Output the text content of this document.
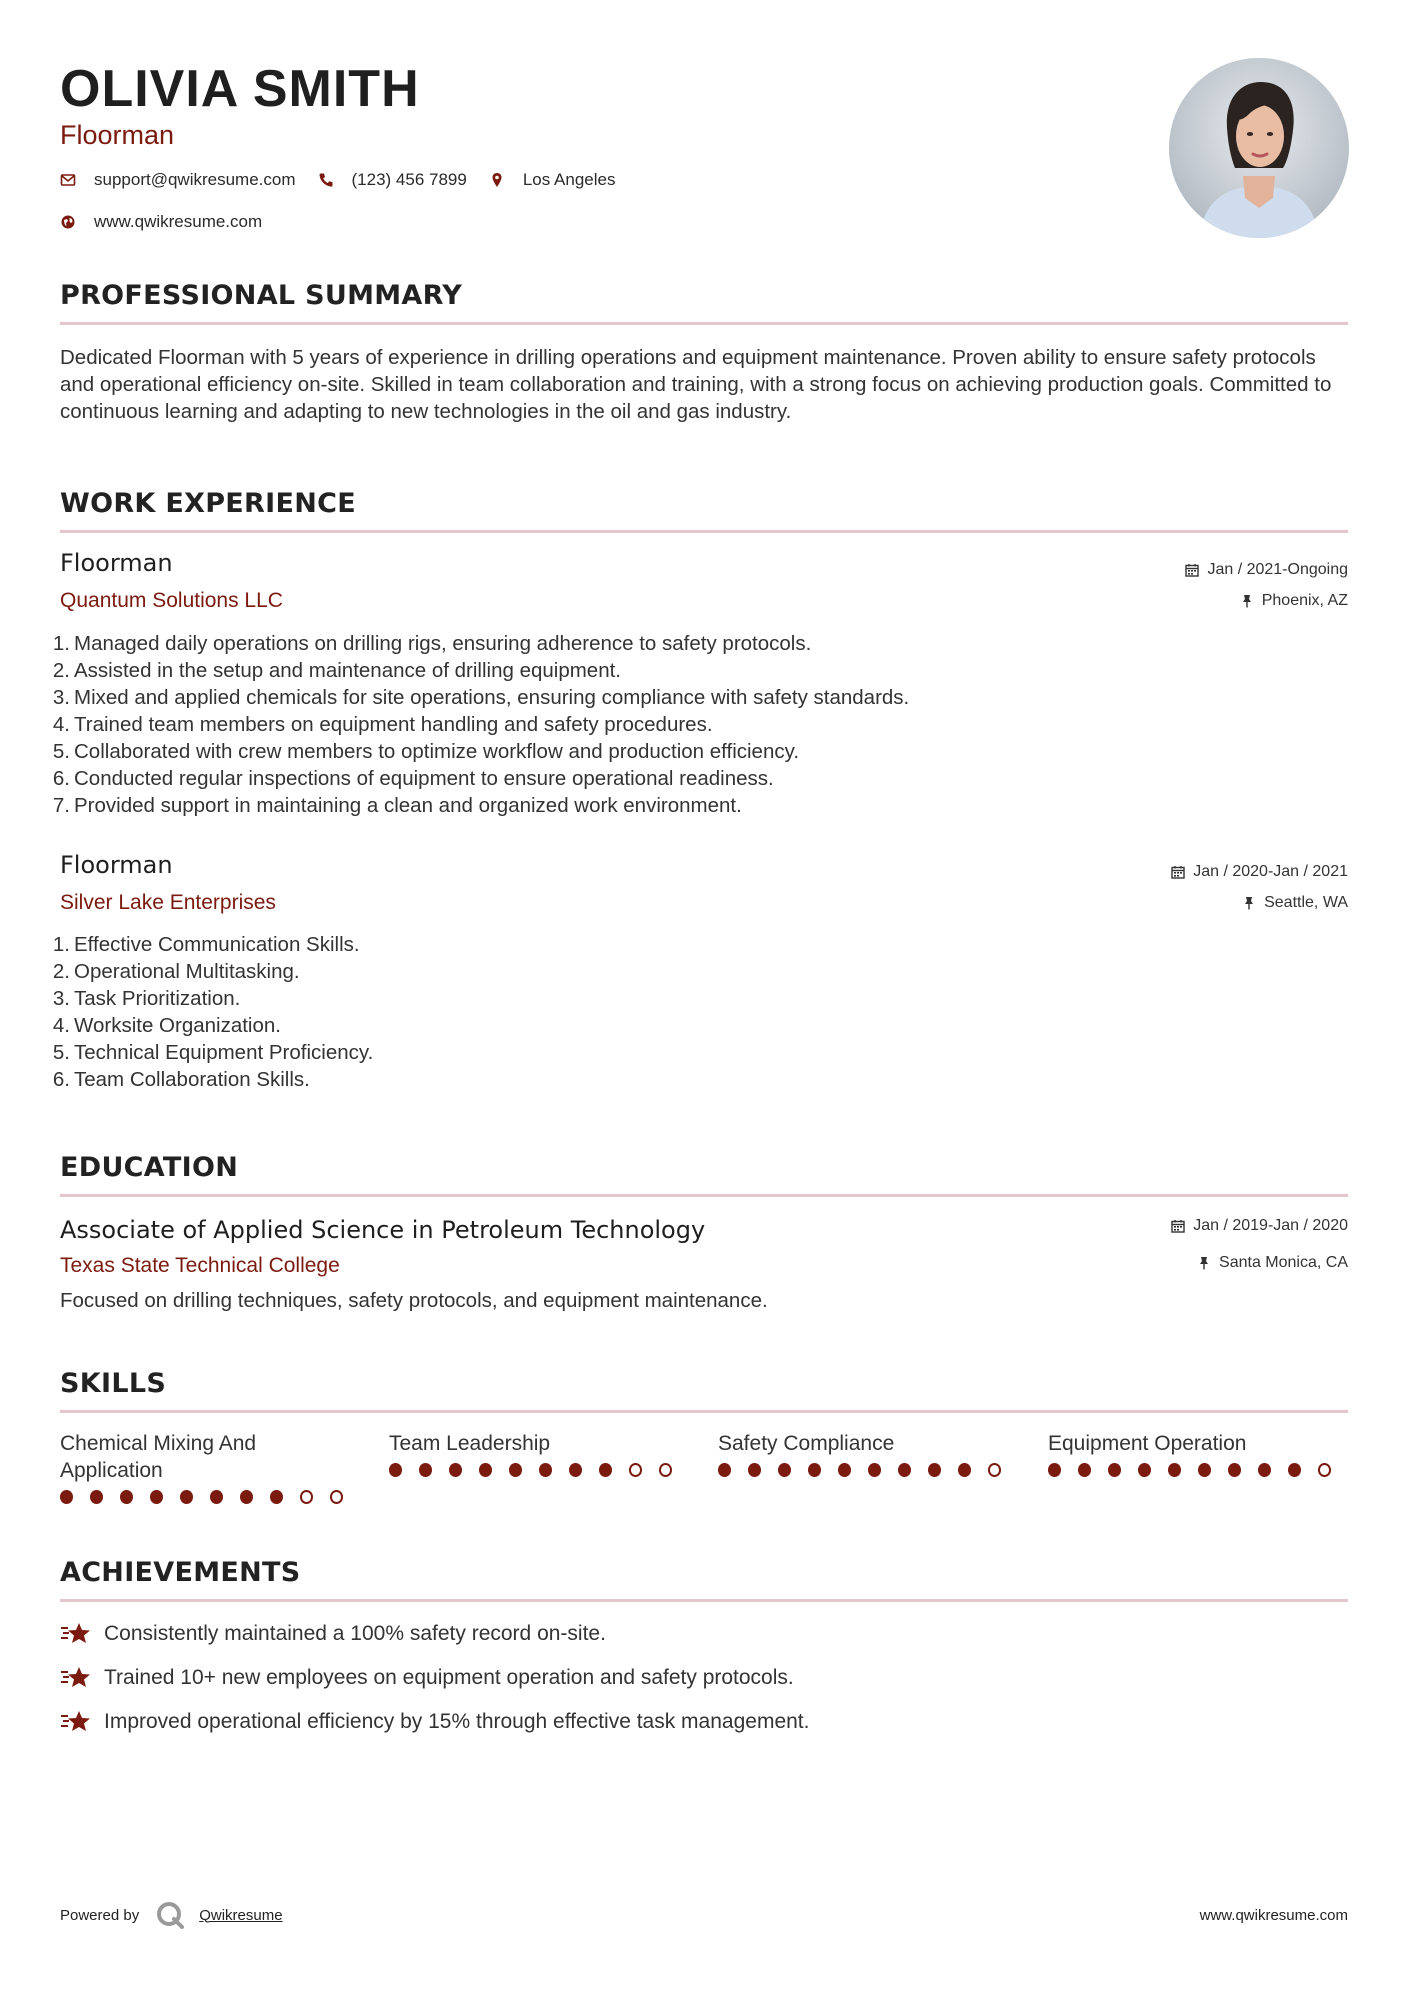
OLIVIA SMITH
Floorman
support@qwikresume.com	(123) 456 7899	Los Angeles
www.qwikresume.com
PROFESSIONAL SUMMARY

Dedicated Floorman with 5 years of experience in drilling operations and equipment maintenance. Proven ability to ensure safety protocols and operational efficiency on-site. Skilled in team collaboration and training, with a strong focus on achieving production goals. Committed to continuous learning and adapting to new technologies in the oil and gas industry.

WORK EXPERIENCE
Floorman
Quantum Solutions LLC
Jan / 2021-Ongoing
Phoenix, AZ
1. Managed daily operations on drilling rigs, ensuring adherence to safety protocols.
2. Assisted in the setup and maintenance of drilling equipment.
3. Mixed and applied chemicals for site operations, ensuring compliance with safety standards.
4. Trained team members on equipment handling and safety procedures.
5. Collaborated with crew members to optimize workflow and production efficiency.
6. Conducted regular inspections of equipment to ensure operational readiness.
7. Provided support in maintaining a clean and organized work environment.
Floorman
Silver Lake Enterprises
Jan / 2020-Jan / 2021
Seattle, WA
1. Effective Communication Skills.
2. Operational Multitasking.
3. Task Prioritization.
4. Worksite Organization.
5. Technical Equipment Proficiency.
6. Team Collaboration Skills.
EDUCATION
Associate of Applied Science in Petroleum Technology
Texas State Technical College
Jan / 2019-Jan / 2020
Santa Monica, CA

Focused on drilling techniques, safety protocols, and equipment maintenance.

SKILLS
Chemical Mixing And Application
Team Leadership	Safety Compliance	Equipment Operation
ACHIEVEMENTS
Consistently maintained a 100% safety record on-site.
Trained 10+ new employees on equipment operation and safety protocols.
Improved operational efficiency by 15% through effective task management.
Powered by	Qwikresume	www.qwikresume.com
